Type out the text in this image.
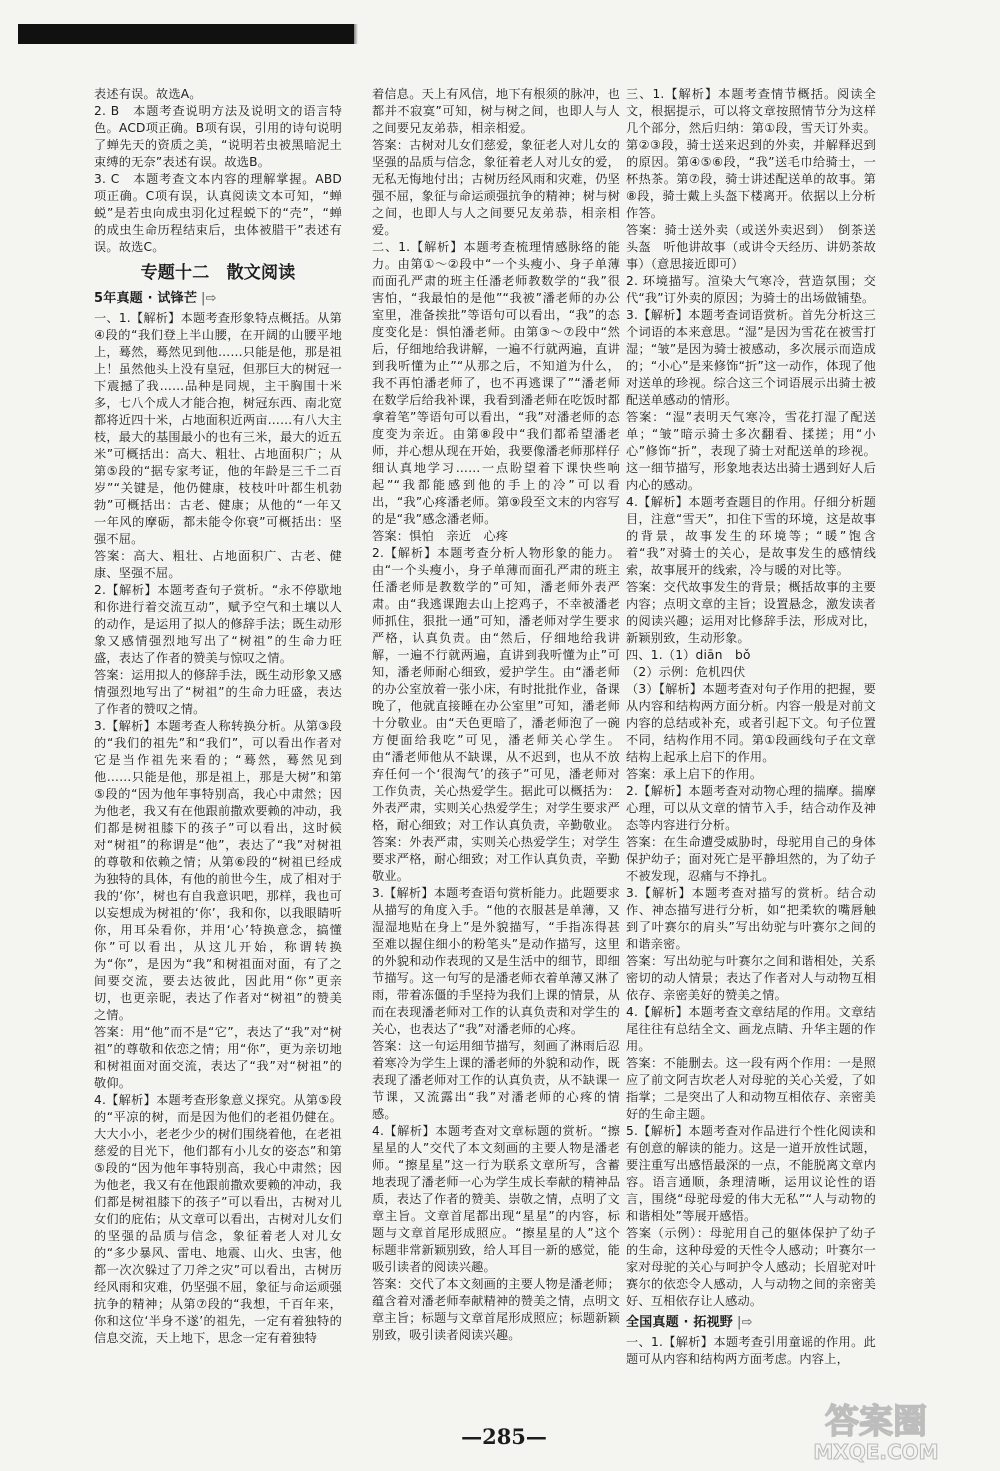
表述有误。故选A。

2. B　本题考查说明方法及说明文的语言特色。ACD项正确。B项有误，引用的诗句说明了蝉先天的资质之美，“说明若虫被黑暗泥土束缚的无奈”表述有误。故选B。

3. C　本题考查文本内容的理解掌握。ABD项正确。C项有误，认真阅读文本可知，“蝉蜕”是若虫向成虫羽化过程蜕下的“壳”，“蝉的成虫生命历程结束后，虫体被腊干”表述有误。故选C。

专题十二　散文阅读
5年真题 · 试锋芒 |⇨

一、1.【解析】本题考查形象特点概括。从第④段的“我们登上半山腰，在开阔的山腰平地上，蓦然，蓦然见到他……只能是他，那是祖上！虽然他头上没有皇冠，但那巨大的树冠一下震撼了我……品种是同规，主干胸围十米多，七八个成人才能合抱，树冠东西、南北宽都将近四十米，占地面积近两亩……有八大主枝，最大的基围最小的也有三米，最大的近五米”可概括出：高大、粗壮、占地面积广；从第⑤段的“据专家考证，他的年龄是三千二百岁”“关键是，他仍健康，枝枝叶叶都生机勃勃”可概括出：古老、健康；从他的“一年又一年风的摩砺，都未能令你衰”可概括出：坚强不屈。

答案：高大、粗壮、占地面积广、古老、健康、坚强不屈。

2.【解析】本题考查句子赏析。“永不停歇地和你进行着交流互动”，赋予空气和土壤以人的动作，是运用了拟人的修辞手法；既生动形象又感情强烈地写出了“树祖”的生命力旺盛，表达了作者的赞美与惊叹之情。

答案：运用拟人的修辞手法，既生动形象又感情强烈地写出了“树祖”的生命力旺盛，表达了作者的赞叹之情。

3.【解析】本题考查人称转换分析。从第③段的“我们的祖先”和“我们”，可以看出作者对它是当作祖先来看的；“蓦然，蓦然见到他……只能是他，那是祖上，那是大树”和第⑤段的“因为他年事特别高，我心中肃然；因为他老，我又有在他跟前撒欢要赖的冲动，我们都是树祖膝下的孩子”可以看出，这时候对“树祖”的称谓是“他”，表达了“我”对树祖的尊敬和依赖之情；从第⑥段的“树祖已经成为独特的具体，有他的前世今生，成了相对于我的‘你’，树也有自我意识吧，那样，我也可以妄想成为树祖的‘你’，我和你，以我眼睛听你，用耳朵看你，并用‘心’特换意念，搞懂你”可以看出，从这儿开始，称谓转换为“你”，是因为“我”和树祖面对面，有了之间要交流，要去达彼此，因此用“你”更亲切，也更亲昵，表达了作者对“树祖”的赞美之情。

答案：用“他”而不是“它”，表达了“我”对“树祖”的尊敬和依恋之情；用“你”，更为亲切地和树祖面对面交流，表达了“我”对“树祖”的敬仰。

4.【解析】本题考查形象意义探究。从第⑤段的“平凉的树，而是因为他们的老祖仍健在。大大小小，老老少少的树们围绕着他，在老祖慈爱的目光下，他们都有小儿女的姿态”和第⑤段的“因为他年事特别高，我心中肃然；因为他老，我又有在他跟前撒欢要赖的冲动，我们都是树祖膝下的孩子”可以看出，古树对儿女们的庇佑；从文章可以看出，古树对儿女们的坚强的品质与信念，象征着老人对儿女的“多少暴风、雷电、地震、山火、虫害，他都一次次躲过了刀斧之灾”可以看出，古树历经风雨和灾难，仍坚强不屈，象征与命运顽强抗争的精神；从第⑦段的“我想，千百年来，你和这位‘半身不遂’的祖先，一定有着独特的信息交流，天上地下，思念一定有着独特

着信息。天上有风信，地下有根须的脉冲，也都并不寂寞”可知，树与树之间，也即人与人之间要兄友弟恭，相亲相爱。

答案：古树对儿女们慈爱，象征老人对儿女的坚强的品质与信念，象征着老人对儿女的爱，无私无悔地付出；古树历经风雨和灾难，仍坚强不屈，象征与命运顽强抗争的精神；树与树之间，也即人与人之间要兄友弟恭，相亲相爱。

二、1.【解析】本题考查梳理情感脉络的能力。由第①～②段中“一个头瘦小、身子单薄而面孔严肃的班主任潘老师教数学的“我”很害怕，“我最怕的是他”“我被”潘老师的办公室里，准备挨批”等语句可以看出，“我”的态度变化是：惧怕潘老师。由第③～⑦段中“然后，仔细地给我讲解，一遍不行就两遍，直讲到我听懂为止”“从那之后，不知道为什么，我不再怕潘老师了，也不再逃课了”“潘老师在数学后给我补课，我看到潘老师在吃饭时都拿着笔”等语句可以看出，“我”对潘老师的态度变为亲近。由第⑧段中“我们都希望潘老师，并心想从现在开始，我要像潘老师那样仔细认真地学习……一点盼望着下课快些响起”“我都能感到他的手上的冷”可以看出，“我”心疼潘老师。第⑨段至文末的内容写的是“我”感念潘老师。

答案：惧怕　亲近　心疼

2.【解析】本题考查分析人物形象的能力。由“一个头瘦小，身子单薄而面孔严肃的班主任潘老师是教数学的”可知，潘老师外表严肃。由“我逃课跑去山上挖鸡子，不幸被潘老师抓住，狠批一通”可知，潘老师对学生要求严格，认真负责。由“然后，仔细地给我讲解，一遍不行就两遍，直讲到我听懂为止”可知，潘老师耐心细致，爱护学生。由“潘老师的办公室放着一张小床，有时批批作业，备课晚了，他就直接睡在办公室里”可知，潘老师十分敬业。由“天色更暗了，潘老师泡了一碗方便面给我吃”可见，潘老师关心学生。由“潘老师他从不缺课，从不迟到，也从不放弃任何一个‘很淘气’的孩子”可见，潘老师对工作负责，关心热爱学生。据此可以概括为：外表严肃，实则关心热爱学生；对学生要求严格，耐心细致；对工作认真负责，辛勤敬业。

答案：外表严肃，实则关心热爱学生；对学生要求严格，耐心细致；对工作认真负责，辛勤敬业。

3.【解析】本题考查语句赏析能力。此题要求从描写的角度入手。“他的衣服甚是单薄，又湿湿地贴在身上”是外貌描写，“手指冻得甚至难以握住细小的粉笔头”是动作描写，这里的外貌和动作表现的又是生活中的细节，即细节描写。这一句写的是潘老师衣着单薄又淋了雨，带着冻僵的手坚持为我们上课的情景，从而在表现潘老师对工作的认真负责和对学生的关心，也表达了“我”对潘老师的心疼。

答案：这一句运用细节描写，刻画了淋雨后忍着寒冷为学生上课的潘老师的外貌和动作，既表现了潘老师对工作的认真负责，从不缺课一节课，又流露出“我”对潘老师的心疼的情感。

4.【解析】本题考查对文章标题的赏析。“擦星星的人”交代了本文刻画的主要人物是潘老师。“擦星星”这一行为联系文章所写，含蓄地表现了潘老师一心为学生成长奉献的精神品质，表达了作者的赞美、崇敬之情，点明了文章主旨。文章首尾都出现“星星”的内容，标题与文章首尾形成照应。“擦星星的人”这个标题非常新颖别致，给人耳目一新的感觉，能吸引读者的阅读兴趣。

答案：交代了本文刻画的主要人物是潘老师；蕴含着对潘老师奉献精神的赞美之情，点明文章主旨；标题与文章首尾形成照应；标题新颖别致，吸引读者阅读兴趣。

三、1.【解析】本题考查情节概括。阅读全文，根据提示，可以将文章按照情节分为这样几个部分，然后归纳：第①段，雪天订外卖。第②③段，骑士送来迟到的外卖，并解释迟到的原因。第④⑤⑥段，“我”送毛巾给骑士，一杯热茶。第⑦段，骑士讲述配送单的故事。第⑧段，骑士戴上头盔下楼离开。依据以上分析作答。

答案：骑士送外卖（或送外卖迟到）　倒茶送头盔　听他讲故事（或讲令天经历、讲奶茶故事）（意思接近即可）

2. 环境描写。渲染大气寒冷，营造氛围；交代“我”订外卖的原因；为骑士的出场做铺垫。

3.【解析】本题考查词语赏析。首先分析这三个词语的本来意思。“湿”是因为雪花在被雪打湿；“皱”是因为骑士被感动，多次展示而造成的；“小心”是来修饰“折”这一动作，体现了他对送单的珍视。综合这三个词语展示出骑士被配送单感动的情形。

答案：“湿”表明天气寒冷，雪花打湿了配送单；“皱”暗示骑士多次翻看、揉搓；用“小心”修饰“折”，表现了骑士对配送单的珍视。这一细节描写，形象地表达出骑士遇到好人后内心的感动。

4.【解析】本题考查题目的作用。仔细分析题目，注意“雪天”，扣住下雪的环境，这是故事的背景，故事发生的环境等；“暖”饱含着“我”对骑士的关心，是故事发生的感情线索，故事展开的线索，冷与暖的对比等。

答案：交代故事发生的背景；概括故事的主要内容；点明文章的主旨；设置悬念，激发读者的阅读兴趣；运用对比修辞手法，形成对比，新颖别致，生动形象。

四、1.（1）diān　bǒ

（2）示例：危机四伏

（3）【解析】本题考查对句子作用的把握，要从内容和结构两方面分析。内容一般是对前文内容的总结或补充，或者引起下文。句子位置不同，结构作用不同。第①段画线句子在文章结构上起承上启下的作用。

答案：承上启下的作用。

2.【解析】本题考查对动物心理的揣摩。揣摩心理，可以从文章的情节入手，结合动作及神态等内容进行分析。

答案：在生命遭受威胁时，母驼用自己的身体保护幼子；面对死亡是平静坦然的，为了幼子不被发现，忍痛与不挣扎。

3.【解析】本题考查对描写的赏析。结合动作、神态描写进行分析，如“把柔软的嘴唇触到了叶赛尔的肩头”写出幼驼与叶赛尔之间的和谐亲密。

答案：写出幼驼与叶赛尔之间和谐相处，关系密切的动人情景；表达了作者对人与动物互相依存、亲密美好的赞美之情。

4.【解析】本题考查文章结尾的作用。文章结尾往往有总结全文、画龙点睛、升华主题的作用。

答案：不能删去。这一段有两个作用：一是照应了前文阿吉坎老人对母驼的关心关爱，了如指掌；二是突出了人和动物互相依存、亲密美好的生命主题。

5.【解析】本题考查对作品进行个性化阅读和有创意的解读的能力。这是一道开放性试题，要注重写出感悟最深的一点，不能脱离文章内容。语言通顺，条理清晰，运用议论性的语言，围绕“母驼母爱的伟大无私”“人与动物的和谐相处”等展开感悟。

答案（示例）：母驼用自己的躯体保护了幼子的生命，这种母爱的天性令人感动；叶赛尔一家对母驼的关心与呵护令人感动；长眉驼对叶赛尔的依恋令人感动，人与动物之间的亲密美好、互相依存让人感动。

全国真题 · 拓视野 |⇨

一、1.【解析】本题考查引用童谣的作用。此题可从内容和结构两方面考虑。内容上，

—285—	答案圈
MXQE.COM
